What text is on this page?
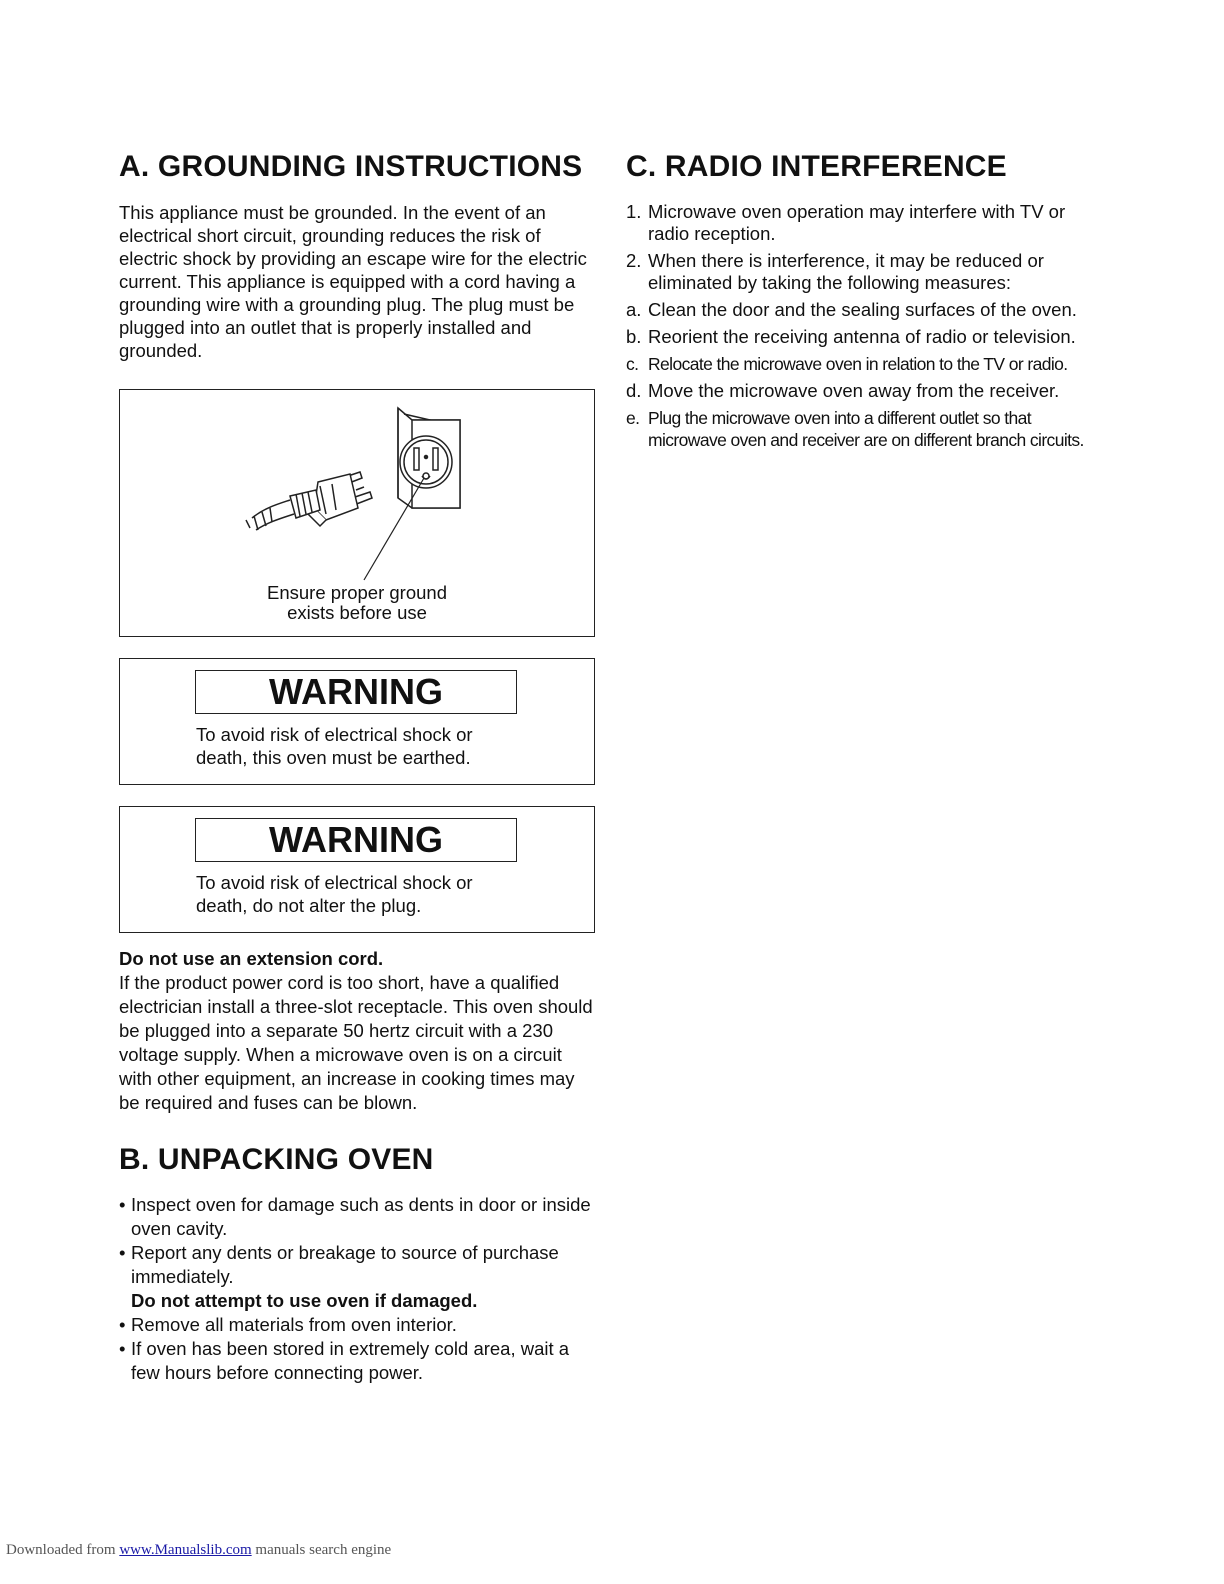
A. GROUNDING INSTRUCTIONS

This appliance must be grounded. In the event of an electrical short circuit, grounding reduces the risk of electric shock by providing an escape wire for the electric current. This appliance is equipped with a cord having a grounding wire with a grounding plug. The plug must be plugged into an outlet that is properly installed and grounded.

Ensure proper ground
exists before use
WARNING
To avoid risk of electrical shock or
death, this oven must be earthed.
WARNING
To avoid risk of electrical shock or
death, do not alter the plug.
Do not use an extension cord.
If the product power cord is too short, have a qualified electrician install a three-slot receptacle. This oven should be plugged into a separate 50 hertz circuit with a 230 voltage supply. When a microwave oven is on a circuit with other equipment, an increase in cooking times may be required and fuses can be blown.
B. UNPACKING OVEN
• Inspect oven for damage such as dents in door or inside oven cavity.
• Report any dents or breakage to source of purchase immediately.
Do not attempt to use oven if damaged.
• Remove all materials from oven interior.
• If oven has been stored in extremely cold area, wait a few hours before connecting power.
C. RADIO INTERFERENCE
1. Microwave oven operation may interfere with TV or radio reception.
2. When there is interference, it may be reduced or eliminated by taking the following measures:
a. Clean the door and the sealing surfaces of the oven.
b. Reorient the receiving antenna of radio or television.
c. Relocate the microwave oven in relation to the TV or radio.
d. Move the microwave oven away from the receiver.
e. Plug the microwave oven into a different outlet so that microwave oven and receiver are on different branch circuits.
Downloaded from www.Manualslib.com manuals search engine
